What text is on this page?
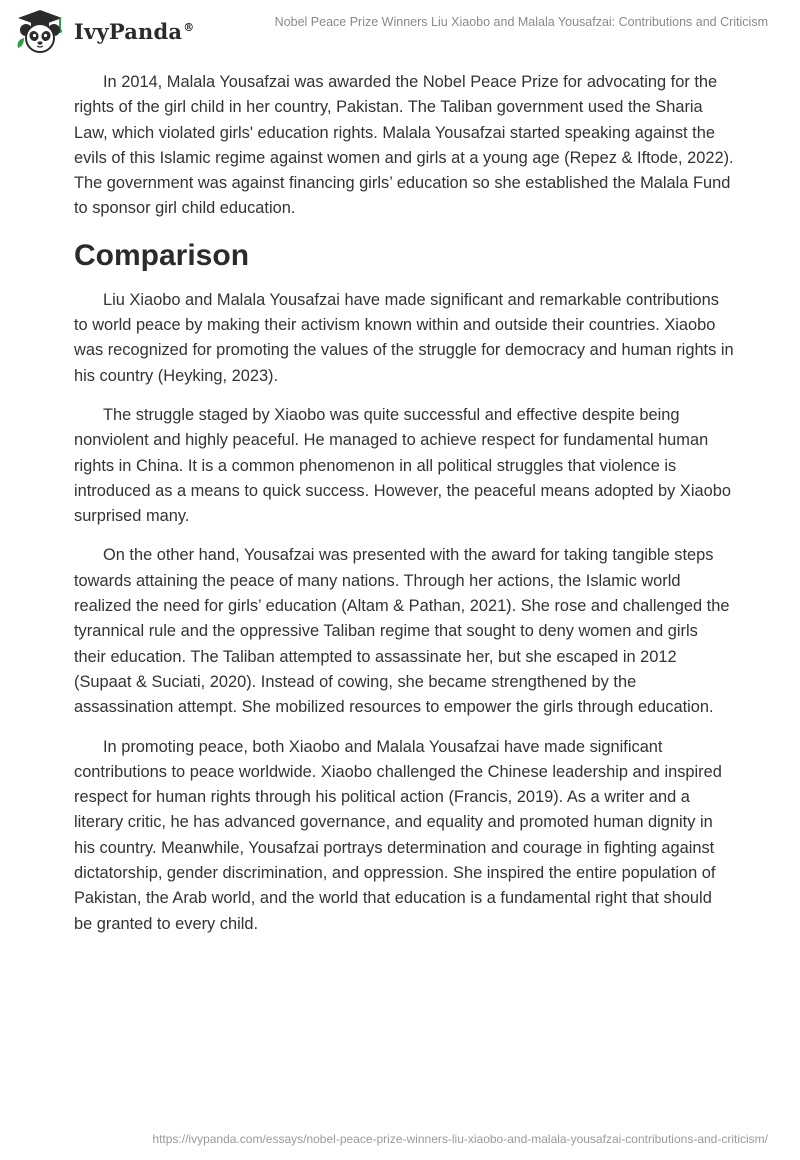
IvyPanda®	Nobel Peace Prize Winners Liu Xiaobo and Malala Yousafzai: Contributions and Criticism

In 2014, Malala Yousafzai was awarded the Nobel Peace Prize for advocating for the rights of the girl child in her country, Pakistan. The Taliban government used the Sharia Law, which violated girls' education rights. Malala Yousafzai started speaking against the evils of this Islamic regime against women and girls at a young age (Repez & Iftode, 2022). The government was against financing girls’ education so she established the Malala Fund to sponsor girl child education.

Comparison

Liu Xiaobo and Malala Yousafzai have made significant and remarkable contributions to world peace by making their activism known within and outside their countries. Xiaobo was recognized for promoting the values of the struggle for democracy and human rights in his country (Heyking, 2023).

The struggle staged by Xiaobo was quite successful and effective despite being nonviolent and highly peaceful. He managed to achieve respect for fundamental human rights in China. It is a common phenomenon in all political struggles that violence is introduced as a means to quick success. However, the peaceful means adopted by Xiaobo surprised many.

On the other hand, Yousafzai was presented with the award for taking tangible steps towards attaining the peace of many nations. Through her actions, the Islamic world realized the need for girls’ education (Altam & Pathan, 2021). She rose and challenged the tyrannical rule and the oppressive Taliban regime that sought to deny women and girls their education. The Taliban attempted to assassinate her, but she escaped in 2012 (Supaat & Suciati, 2020). Instead of cowing, she became strengthened by the assassination attempt. She mobilized resources to empower the girls through education.

In promoting peace, both Xiaobo and Malala Yousafzai have made significant contributions to peace worldwide. Xiaobo challenged the Chinese leadership and inspired respect for human rights through his political action (Francis, 2019). As a writer and a literary critic, he has advanced governance, and equality and promoted human dignity in his country. Meanwhile, Yousafzai portrays determination and courage in fighting against dictatorship, gender discrimination, and oppression. She inspired the entire population of Pakistan, the Arab world, and the world that education is a fundamental right that should be granted to every child.

https://ivypanda.com/essays/nobel-peace-prize-winners-liu-xiaobo-and-malala-yousafzai-contributions-and-criticism/
